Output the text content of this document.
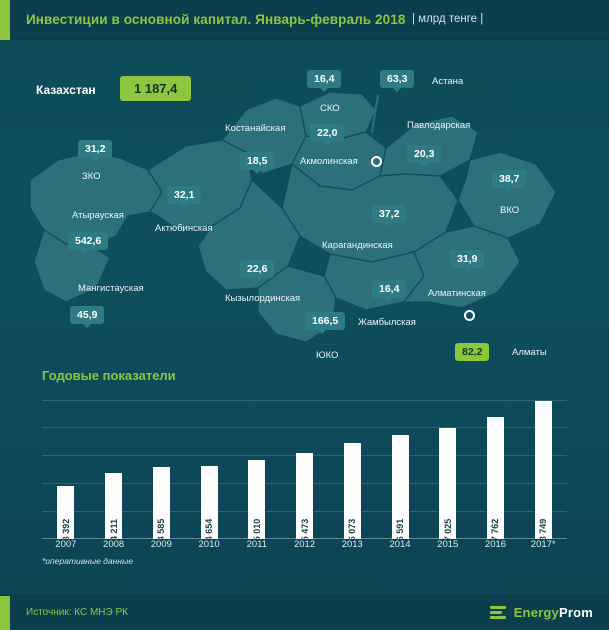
Инвестиции в основной капитал. Январь-февраль 2018 | млрд тенге |
Казахстан	1 187,4
16,4
СКО
18,5
Костанайская	22,0
Акмолинская
63,3	Астана
20,3
Павлодарская
31,2
ЗКО
542,6
Атырауская
32,1
Актюбинская
38,7
ВКО
37,2
Карагандинская
45,9
Мангистауская
22,6
Кызылординская
16,4
Жамбылская
31,9
Алматинская
166,5
ЮКО	82,2	Алматы
Годовые показатели
3 392	4 211	4 585	4 654	5 010	5 473	6 073	6 591	7 025	7 762	8 749
2007	2008	2009	2010	2011	2012	2013	2014	2015	2016	2017*
*оперативные данные
Источник: КС МНЭ РК	EnergyProm
